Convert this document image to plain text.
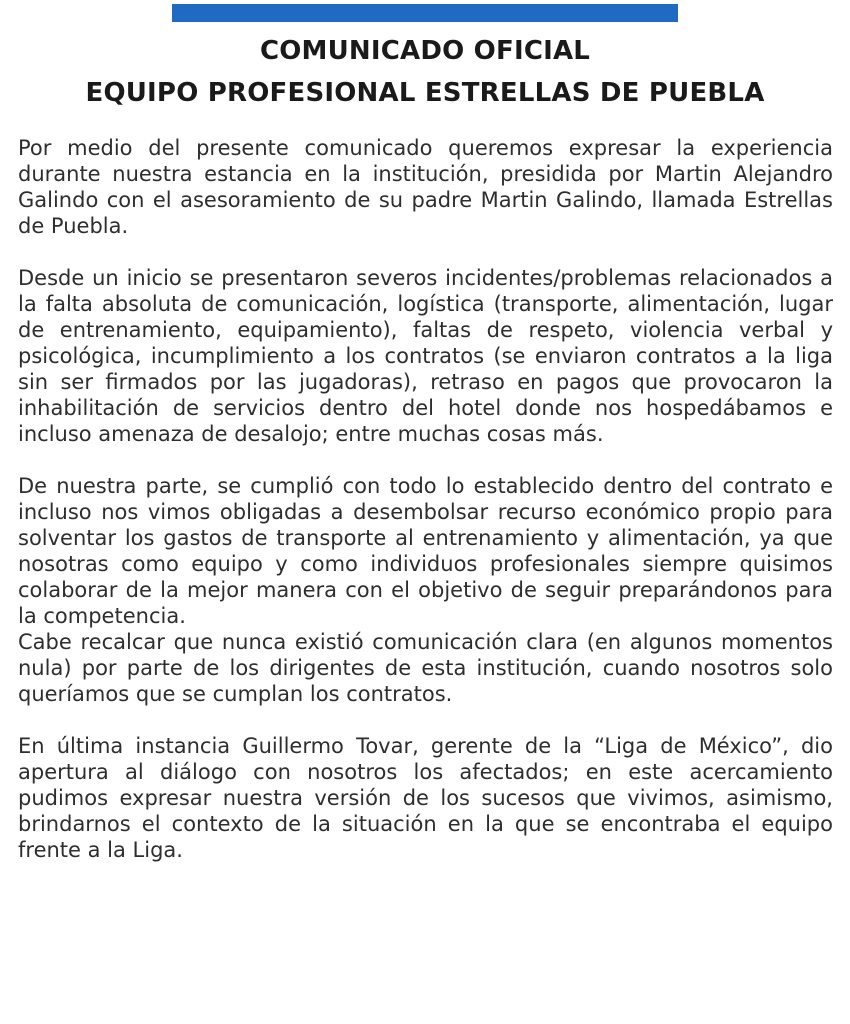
COMUNICADO OFICIAL
EQUIPO PROFESIONAL ESTRELLAS DE PUEBLA

Por medio del presente comunicado queremos expresar la experiencia durante nuestra estancia en la institución, presidida por Martin Alejandro Galindo con el asesoramiento de su padre Martin Galindo, llamada Estrellas de Puebla.

Desde un inicio se presentaron severos incidentes/problemas relacionados a la falta absoluta de comunicación, logística (transporte, alimentación, lugar de entrenamiento, equipamiento), faltas de respeto, violencia verbal y psicológica, incumplimiento a los contratos (se enviaron contratos a la liga sin ser firmados por las jugadoras), retraso en pagos que provocaron la inhabilitación de servicios dentro del hotel donde nos hospedábamos e incluso amenaza de desalojo; entre muchas cosas más.

De nuestra parte, se cumplió con todo lo establecido dentro del contrato e incluso nos vimos obligadas a desembolsar recurso económico propio para solventar los gastos de transporte al entrenamiento y alimentación, ya que nosotras como equipo y como individuos profesionales siempre quisimos colaborar de la mejor manera con el objetivo de seguir preparándonos para la competencia.

Cabe recalcar que nunca existió comunicación clara (en algunos momentos nula) por parte de los dirigentes de esta institución, cuando nosotros solo queríamos que se cumplan los contratos.

En última instancia Guillermo Tovar, gerente de la “Liga de México”, dio apertura al diálogo con nosotros los afectados; en este acercamiento pudimos expresar nuestra versión de los sucesos que vivimos, asimismo, brindarnos el contexto de la situación en la que se encontraba el equipo frente a la Liga.
